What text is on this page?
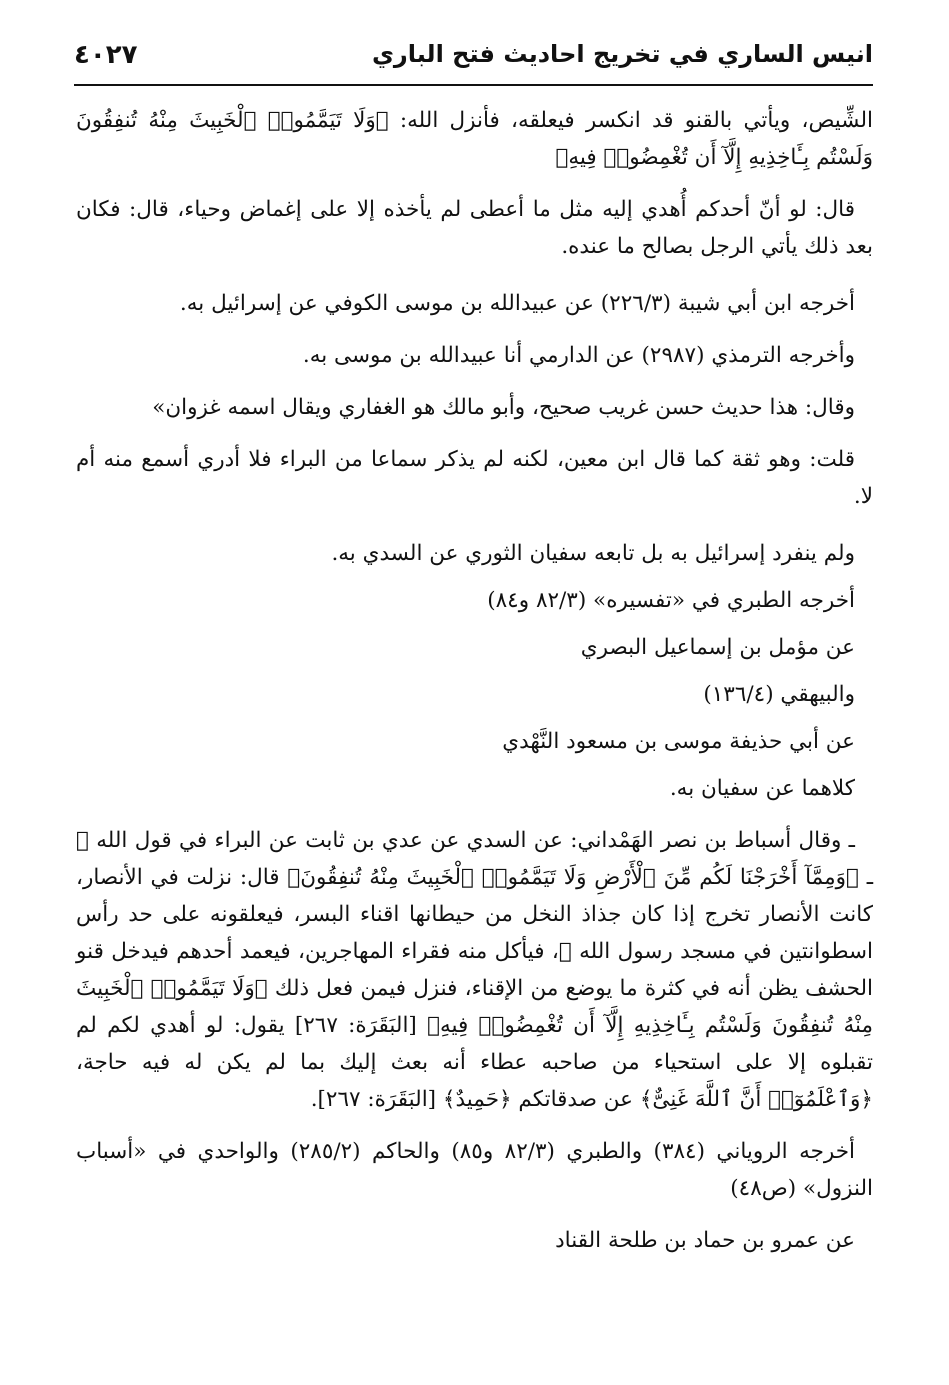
انيس الساري في تخريج احاديث فتح الباري
٤٠٢٧

الشِّيص، ويأتي بالقنو قد انكسر فيعلقه، فأنزل الله: ﴿وَلَا تَيَمَّمُوا۟ ٱلْخَبِيثَ مِنْهُ تُنفِقُونَ وَلَسْتُم بِـَٔاخِذِيهِ إِلَّآ أَن تُغْمِضُوا۟ فِيهِ﴾

قال: لو أنّ أحدكم أُهدي إليه مثل ما أعطى لم يأخذه إلا على إغماض وحياء، قال: فكان بعد ذلك يأتي الرجل بصالح ما عنده.

أخرجه ابن أبي شيبة (٢٢٦/٣) عن عبيدالله بن موسى الكوفي عن إسرائيل به.

وأخرجه الترمذي (٢٩٨٧) عن الدارمي أنا عبيدالله بن موسى به.

وقال: هذا حديث حسن غريب صحيح، وأبو مالك هو الغفاري ويقال اسمه غزوان»

قلت: وهو ثقة كما قال ابن معين، لكنه لم يذكر سماعا من البراء فلا أدري أسمع منه أم لا.

ولم ينفرد إسرائيل به بل تابعه سفيان الثوري عن السدي به.

أخرجه الطبري في «تفسيره» (٨٢/٣ و٨٤)

عن مؤمل بن إسماعيل البصري

والبيهقي (١٣٦/٤)

عن أبي حذيفة موسى بن مسعود النَّهْدي

كلاهما عن سفيان به.

ـ وقال أسباط بن نصر الهَمْداني: عن السدي عن عدي بن ثابت عن البراء في قول الله ﷻ ـ ﴿وَمِمَّآ أَخْرَجْنَا لَكُم مِّنَ ٱلْأَرْضِ وَلَا تَيَمَّمُوا۟ ٱلْخَبِيثَ مِنْهُ تُنفِقُونَ﴾ قال: نزلت في الأنصار، كانت الأنصار تخرج إذا كان جذاذ النخل من حيطانها اقناء البسر، فيعلقونه على حد رأس اسطوانتين في مسجد رسول الله ﷺ، فيأكل منه فقراء المهاجرين، فيعمد أحدهم فيدخل قنو الحشف يظن أنه في كثرة ما يوضع من الإقناء، فنزل فيمن فعل ذلك ﴿وَلَا تَيَمَّمُوا۟ ٱلْخَبِيثَ مِنْهُ تُنفِقُونَ وَلَسْتُم بِـَٔاخِذِيهِ إِلَّآ أَن تُغْمِضُوا۟ فِيهِ﴾ [البَقَرَة: ٢٦٧] يقول: لو أهدي لكم لم تقبلوه إلا على استحياء من صاحبه عطاء أنه بعث إليك بما لم يكن له فيه حاجة، ﴿وَٱعْلَمُوٓا۟ أَنَّ ٱللَّهَ غَنِىٌّ﴾ عن صدقاتكم ﴿حَمِيدٌ﴾ [البَقَرَة: ٢٦٧].

أخرجه الروياني (٣٨٤) والطبري (٨٢/٣ و٨٥) والحاكم (٢٨٥/٢) والواحدي في «أسباب النزول» (ص٤٨)

عن عمرو بن حماد بن طلحة القناد
